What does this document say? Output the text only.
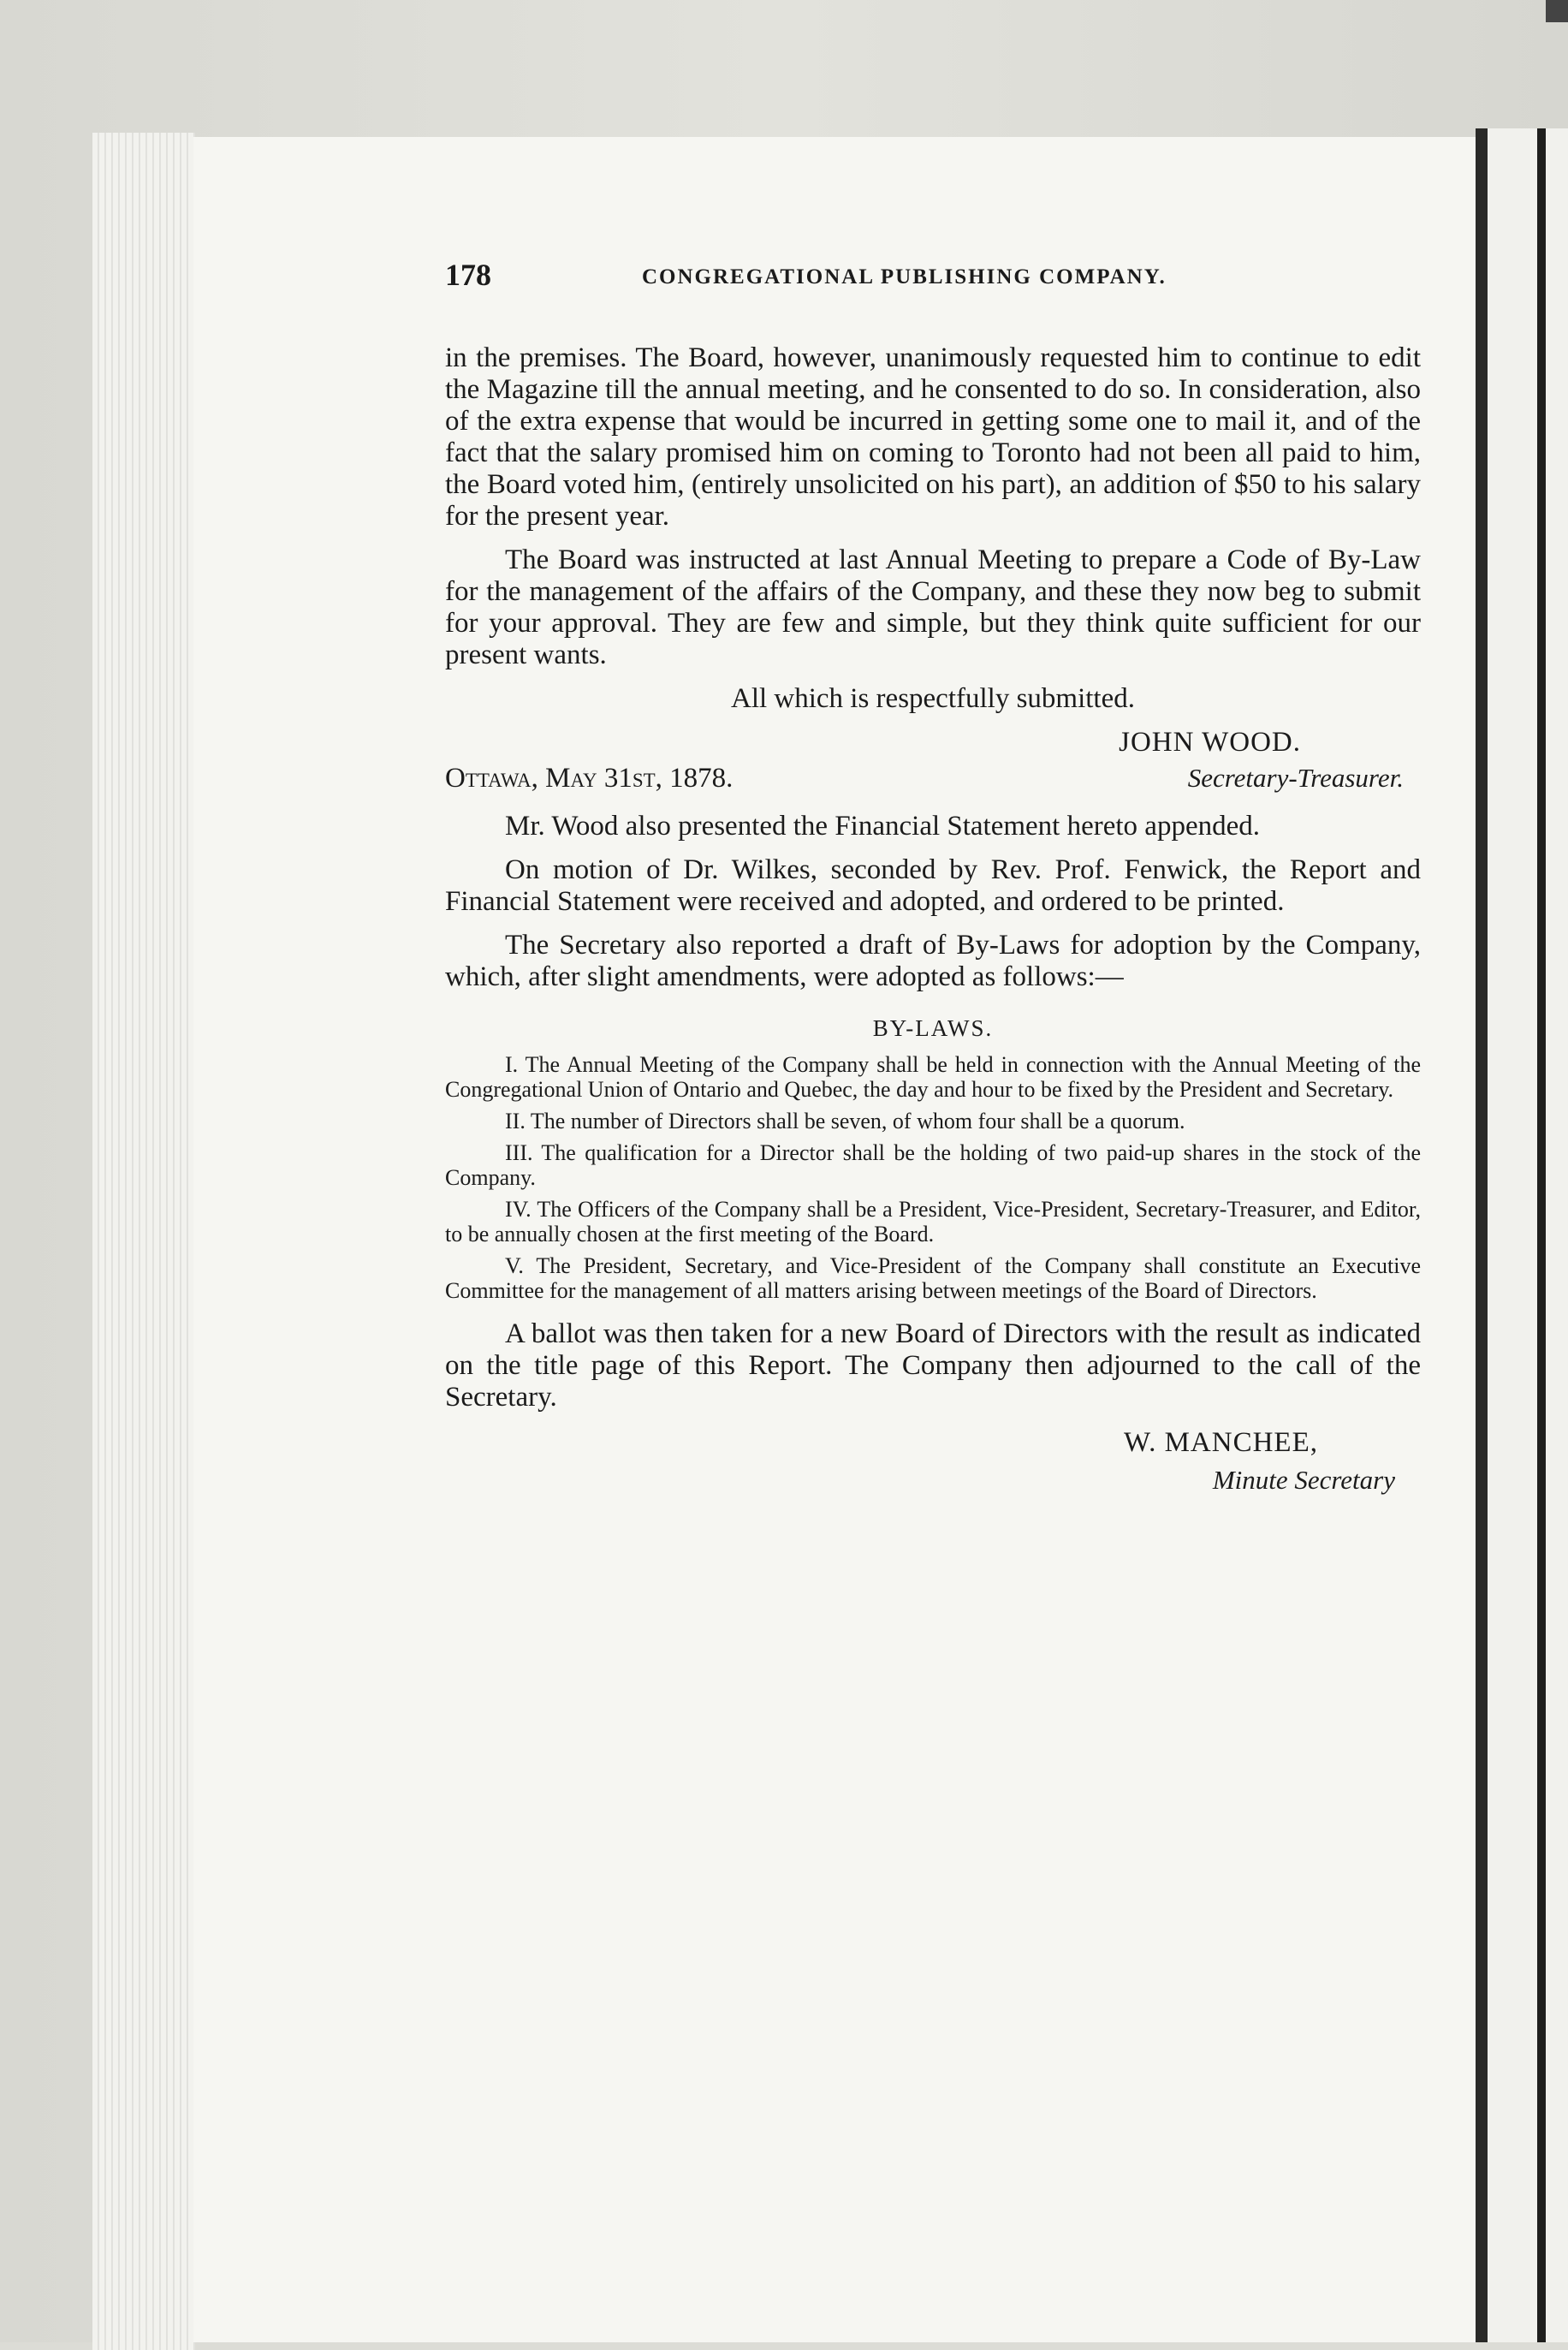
178	CONGREGATIONAL PUBLISHING COMPANY.

in the premises. The Board, however, unanimously requested him to continue to edit the Magazine till the annual meeting, and he consented to do so. In consideration, also of the extra expense that would be incurred in getting some one to mail it, and of the fact that the salary promised him on coming to Toronto had not been all paid to him, the Board voted him, (entirely unsolicited on his part), an addition of $50 to his salary for the present year.

The Board was instructed at last Annual Meeting to prepare a Code of By-Law for the management of the affairs of the Company, and these they now beg to submit for your approval. They are few and simple, but they think quite sufficient for our present wants.

All which is respectfully submitted.

JOHN WOOD.
Ottawa, May 31st, 1878.	Secretary-Treasurer.

Mr. Wood also presented the Financial Statement hereto appended.

On motion of Dr. Wilkes, seconded by Rev. Prof. Fenwick, the Report and Financial Statement were received and adopted, and ordered to be printed.

The Secretary also reported a draft of By-Laws for adoption by the Company, which, after slight amendments, were adopted as follows:—

BY-LAWS.

I. The Annual Meeting of the Company shall be held in connection with the Annual Meeting of the Congregational Union of Ontario and Quebec, the day and hour to be fixed by the President and Secretary.

II. The number of Directors shall be seven, of whom four shall be a quorum.

III. The qualification for a Director shall be the holding of two paid-up shares in the stock of the Company.

IV. The Officers of the Company shall be a President, Vice-President, Secretary-Treasurer, and Editor, to be annually chosen at the first meeting of the Board.

V. The President, Secretary, and Vice-President of the Company shall constitute an Executive Committee for the management of all matters arising between meetings of the Board of Directors.

A ballot was then taken for a new Board of Directors with the result as indicated on the title page of this Report. The Company then adjourned to the call of the Secretary.

W. MANCHEE,
Minute Secretary
